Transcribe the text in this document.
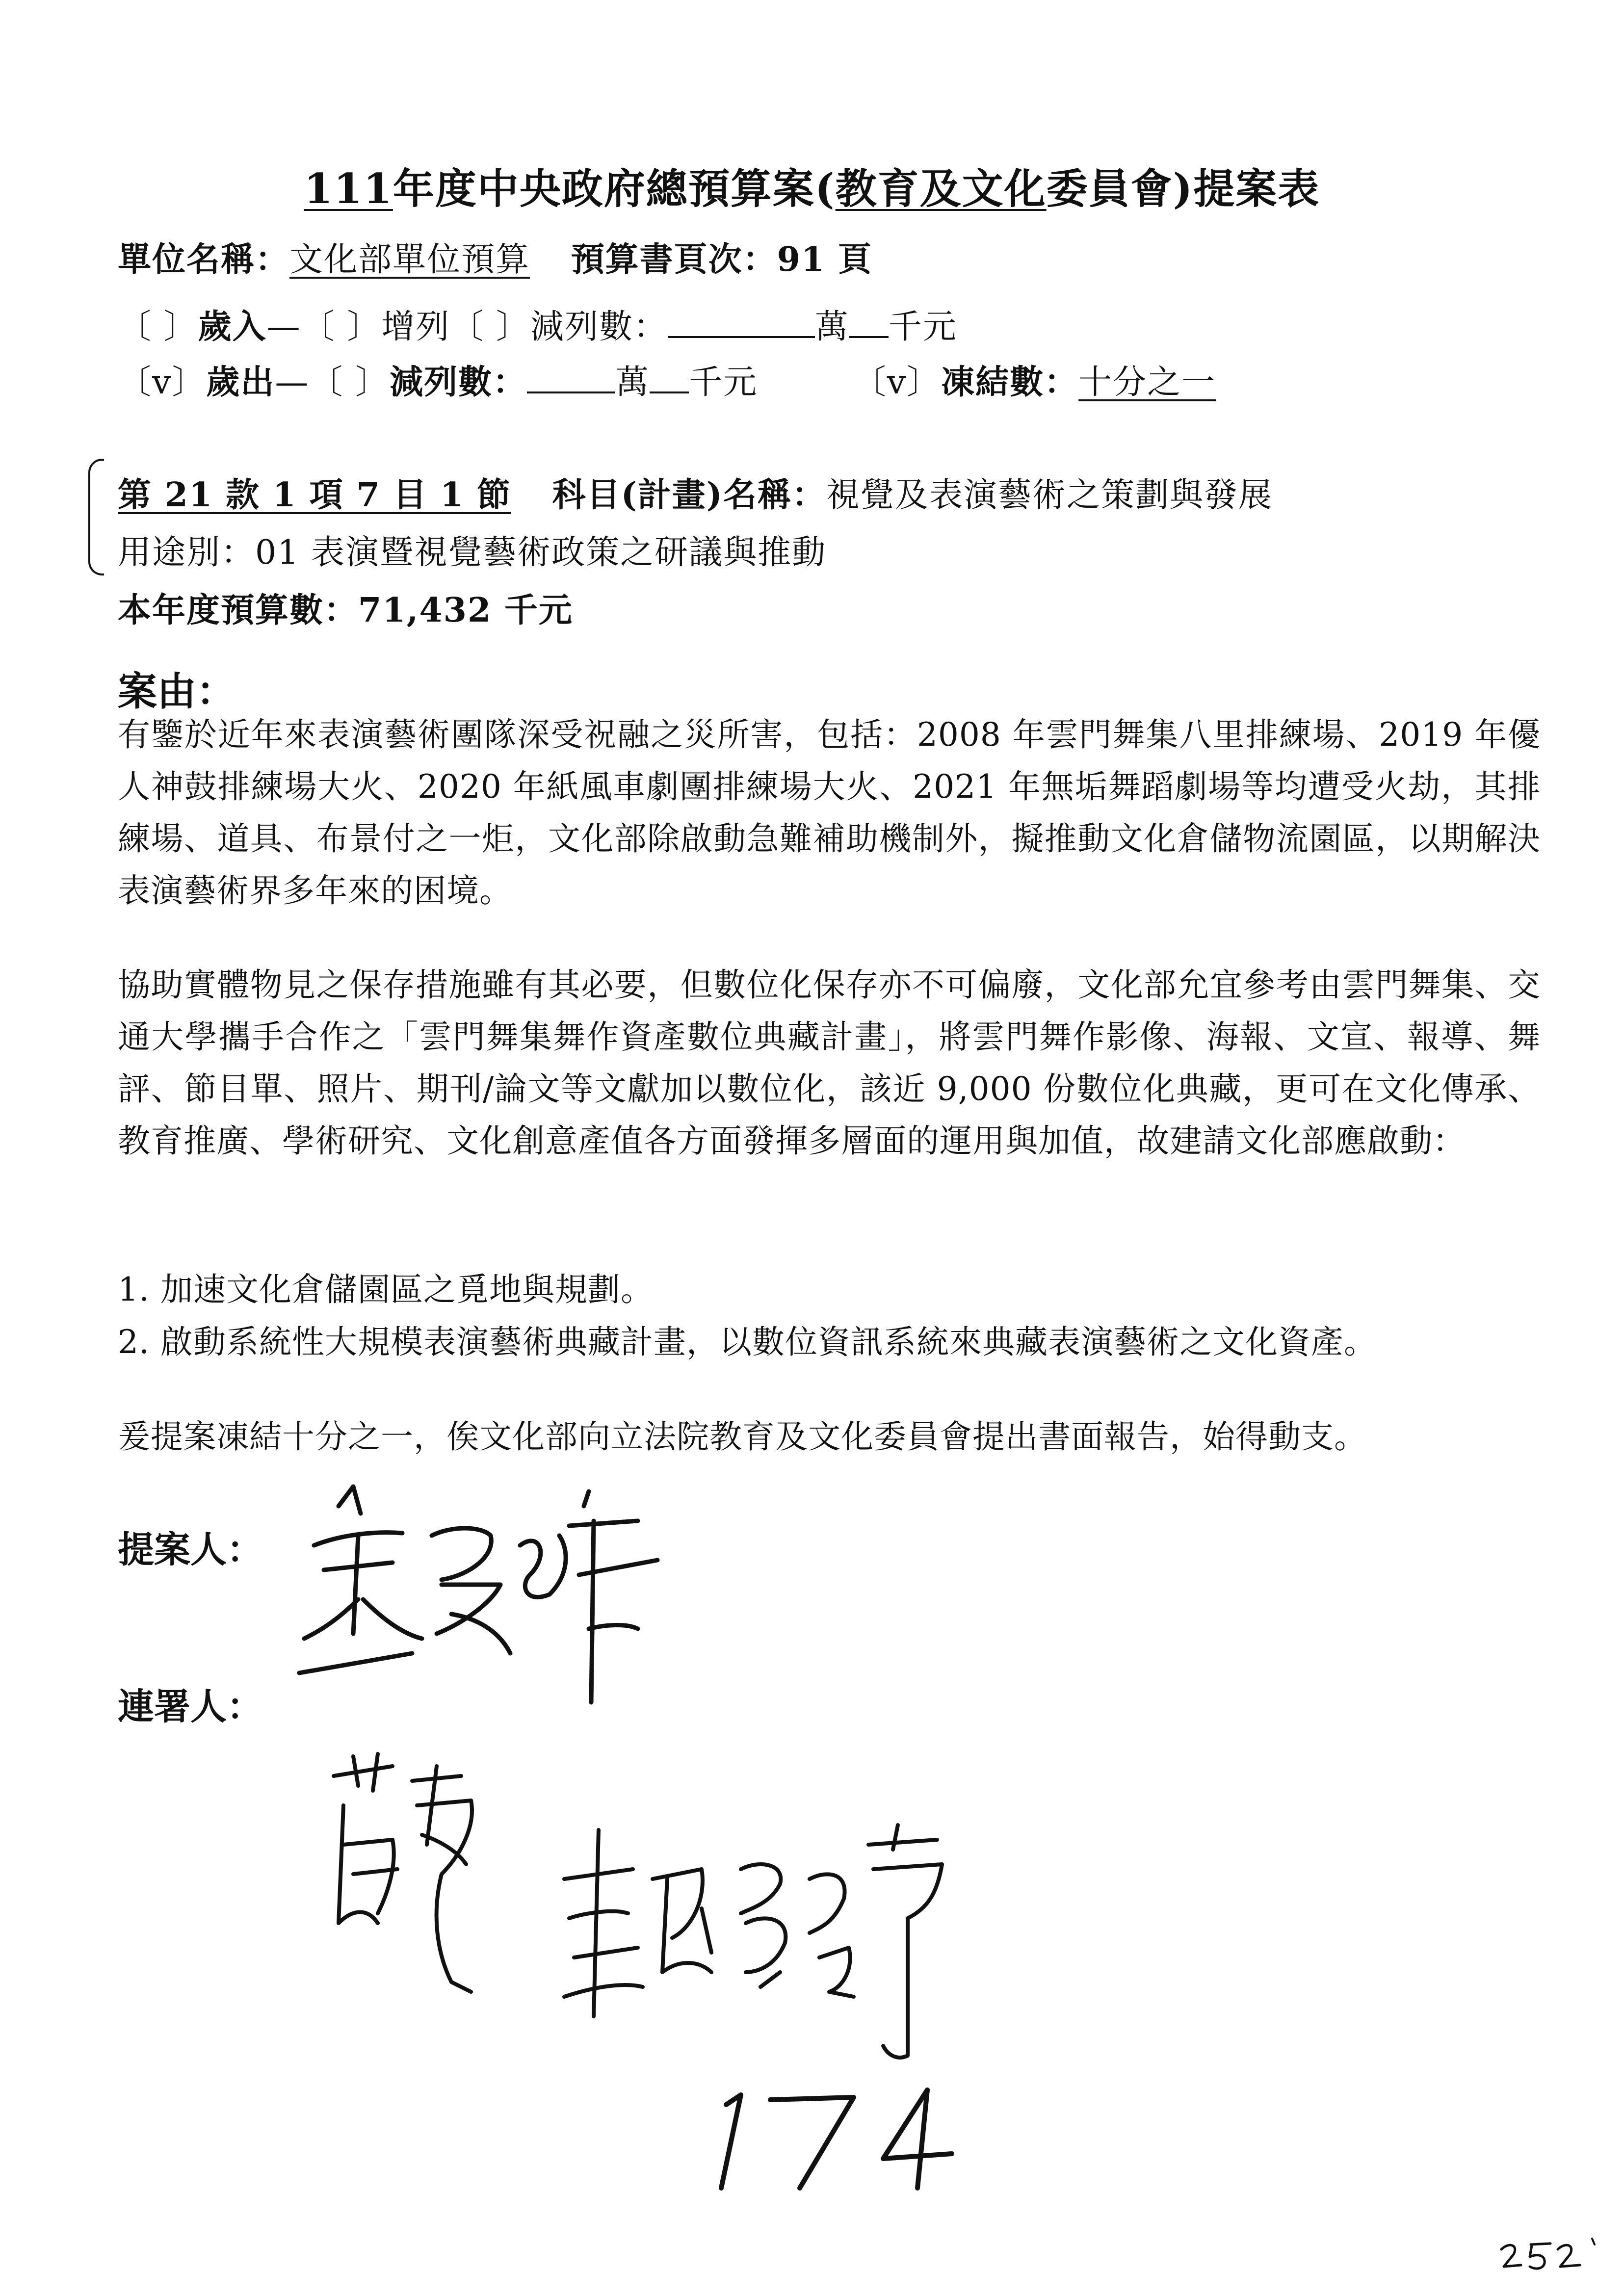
111年度中央政府總預算案(教育及文化委員會)提案表
單位名稱：文化部單位預算 預算書頁次：91 頁
〔 〕歲入—〔 〕增列〔 〕減列數：	萬 千元
〔v〕歲出—〔 〕減列數：	萬 千元	〔v〕凍結數：十分之一
第 21 款 1 項 7 目 1 節 科目(計畫)名稱：視覺及表演藝術之策劃與發展
用途別：01 表演暨視覺藝術政策之研議與推動
本年度預算數：71,432 千元
案由：
有鑒於近年來表演藝術團隊深受祝融之災所害，包括：2008 年雲門舞集八里排練場、2019 年優人神鼓排練場大火、2020 年紙風車劇團排練場大火、2021 年無垢舞蹈劇場等均遭受火劫，其排練場、道具、布景付之一炬，文化部除啟動急難補助機制外，擬推動文化倉儲物流園區，以期解決表演藝術界多年來的困境。
協助實體物見之保存措施雖有其必要，但數位化保存亦不可偏廢，文化部允宜參考由雲門舞集、交通大學攜手合作之「雲門舞集舞作資產數位典藏計畫」，將雲門舞作影像、海報、文宣、報導、舞評、節目單、照片、期刊/論文等文獻加以數位化，該近 9,000 份數位化典藏，更可在文化傳承、教育推廣、學術研究、文化創意產值各方面發揮多層面的運用與加值，故建請文化部應啟動：
1. 加速文化倉儲園區之覓地與規劃。
2. 啟動系統性大規模表演藝術典藏計畫，以數位資訊系統來典藏表演藝術之文化資產。
爰提案凍結十分之一，俟文化部向立法院教育及文化委員會提出書面報告，始得動支。
提案人：
連署人：
